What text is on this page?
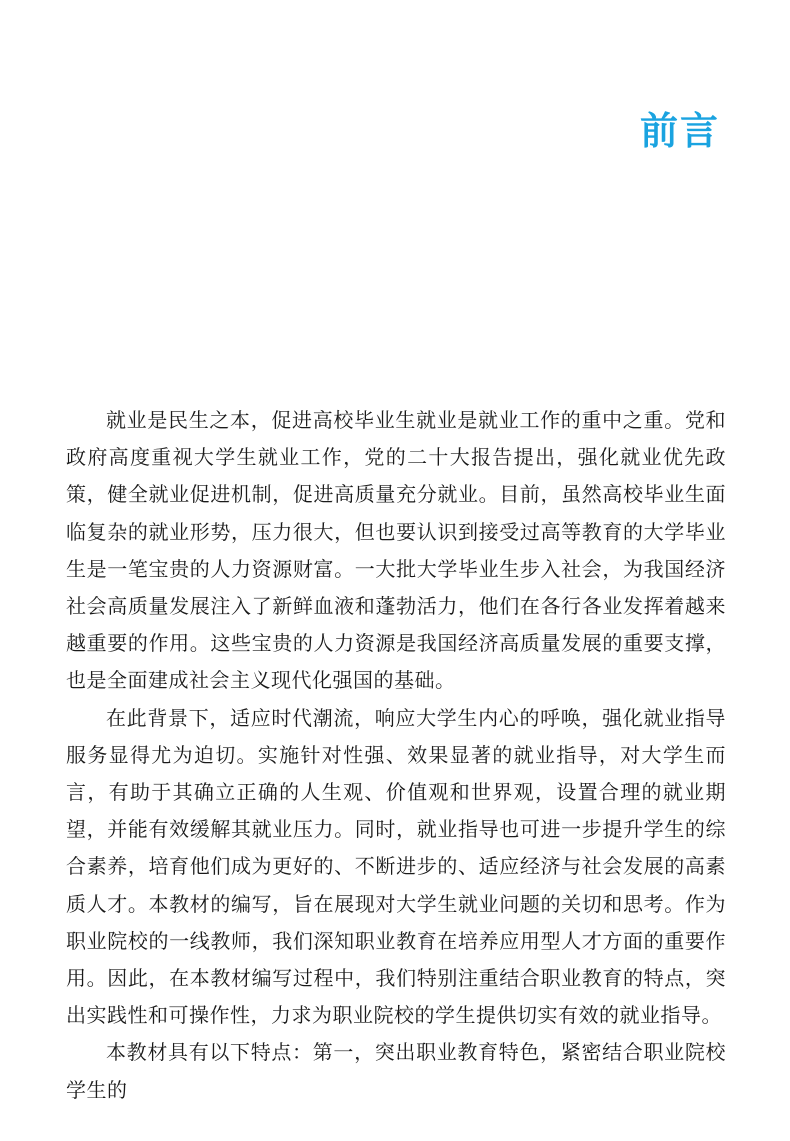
前言

就业是民生之本，促进高校毕业生就业是就业工作的重中之重。党和政府高度重视大学生就业工作，党的二十大报告提出，强化就业优先政策，健全就业促进机制，促进高质量充分就业。目前，虽然高校毕业生面临复杂的就业形势，压力很大，但也要认识到接受过高等教育的大学毕业生是一笔宝贵的人力资源财富。一大批大学毕业生步入社会，为我国经济社会高质量发展注入了新鲜血液和蓬勃活力，他们在各行各业发挥着越来越重要的作用。这些宝贵的人力资源是我国经济高质量发展的重要支撑，也是全面建成社会主义现代化强国的基础。

在此背景下，适应时代潮流，响应大学生内心的呼唤，强化就业指导服务显得尤为迫切。实施针对性强、效果显著的就业指导，对大学生而言，有助于其确立正确的人生观、价值观和世界观，设置合理的就业期望，并能有效缓解其就业压力。同时，就业指导也可进一步提升学生的综合素养，培育他们成为更好的、不断进步的、适应经济与社会发展的高素质人才。本教材的编写，旨在展现对大学生就业问题的关切和思考。作为职业院校的一线教师，我们深知职业教育在培养应用型人才方面的重要作用。因此，在本教材编写过程中，我们特别注重结合职业教育的特点，突出实践性和可操作性，力求为职业院校的学生提供切实有效的就业指导。

本教材具有以下特点：第一，突出职业教育特色，紧密结合职业院校学生的
